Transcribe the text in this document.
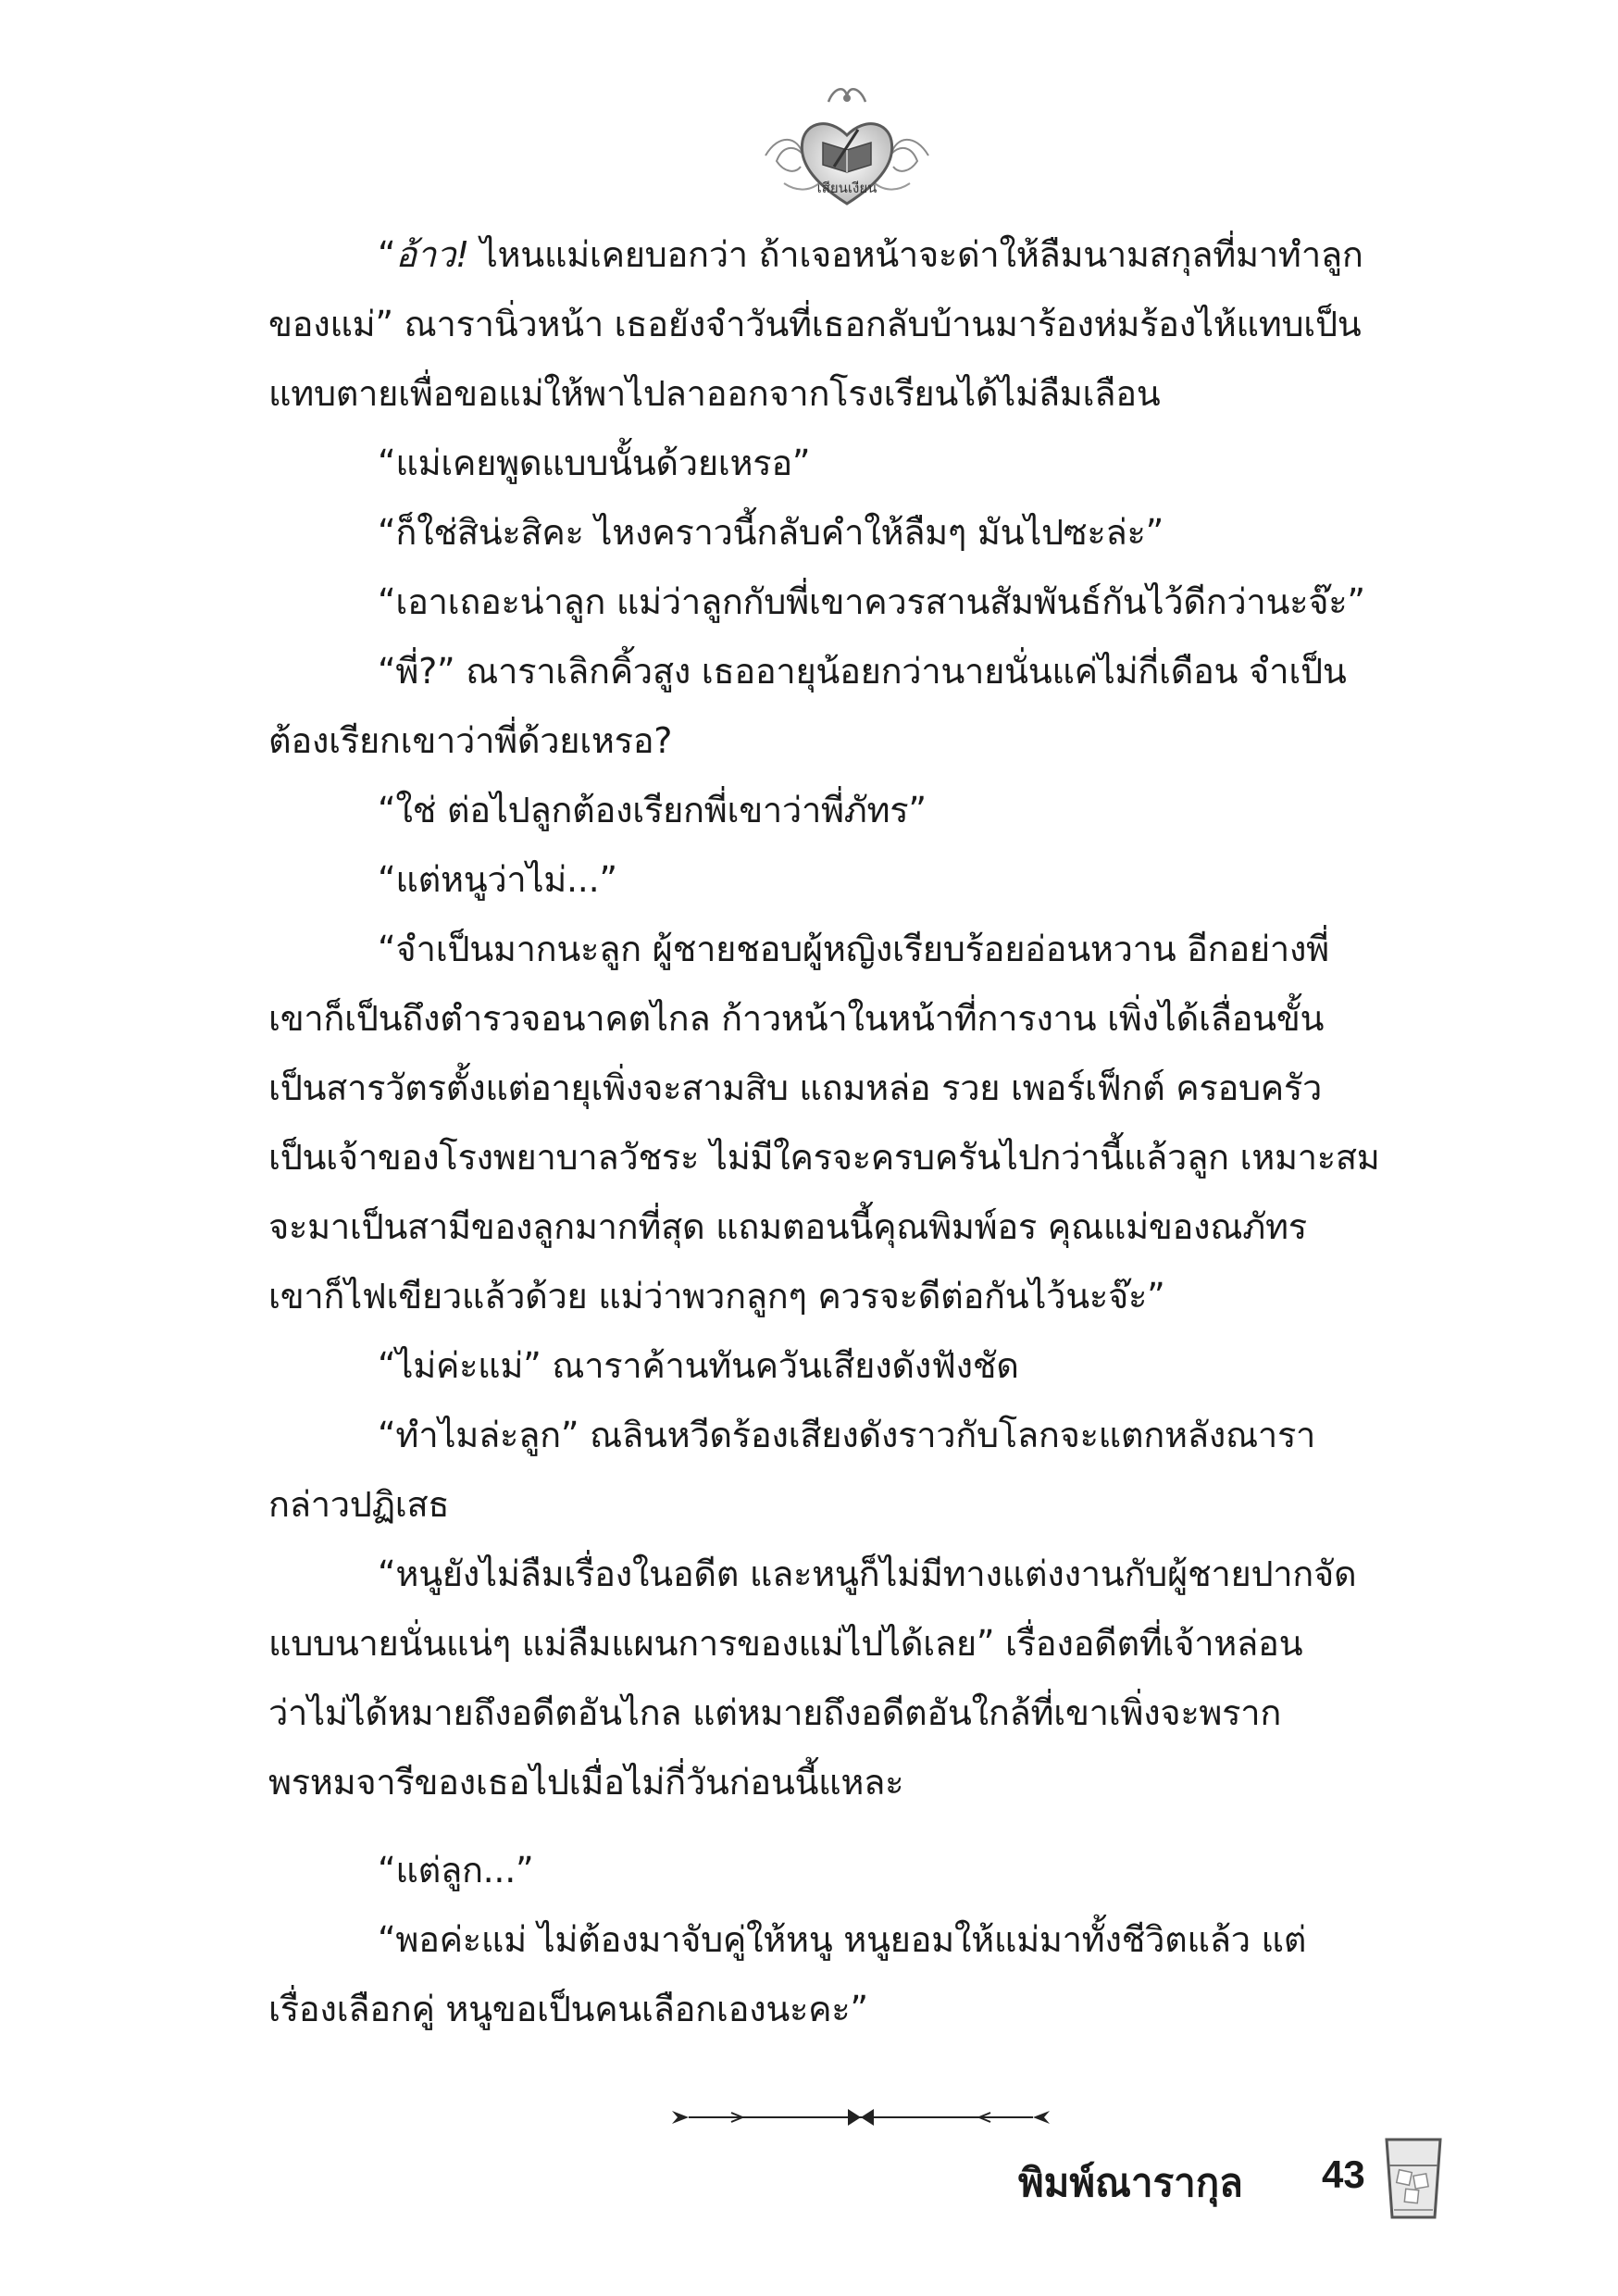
เสียนเงียน
“อ้าว! ไหนแม่เคยบอกว่า ถ้าเจอหน้าจะด่าให้ลืมนามสกุลที่มาทำลูก
ของแม่” ณารานิ่วหน้า เธอยังจำวันที่เธอกลับบ้านมาร้องห่มร้องไห้แทบเป็น
แทบตายเพื่อขอแม่ให้พาไปลาออกจากโรงเรียนได้ไม่ลืมเลือน
“แม่เคยพูดแบบนั้นด้วยเหรอ”
“ก็ใช่สิน่ะสิคะ ไหงคราวนี้กลับคำให้ลืมๆ มันไปซะล่ะ”
“เอาเถอะน่าลูก แม่ว่าลูกกับพี่เขาควรสานสัมพันธ์กันไว้ดีกว่านะจ๊ะ”
“พี่?” ณาราเลิกคิ้วสูง เธออายุน้อยกว่านายนั่นแค่ไม่กี่เดือน จำเป็น
ต้องเรียกเขาว่าพี่ด้วยเหรอ?
“ใช่ ต่อไปลูกต้องเรียกพี่เขาว่าพี่ภัทร”
“แต่หนูว่าไม่...”
“จำเป็นมากนะลูก ผู้ชายชอบผู้หญิงเรียบร้อยอ่อนหวาน อีกอย่างพี่
เขาก็เป็นถึงตำรวจอนาคตไกล ก้าวหน้าในหน้าที่การงาน เพิ่งได้เลื่อนขั้น
เป็นสารวัตรตั้งแต่อายุเพิ่งจะสามสิบ แถมหล่อ รวย เพอร์เฟ็กต์ ครอบครัว
เป็นเจ้าของโรงพยาบาลวัชระ ไม่มีใครจะครบครันไปกว่านี้แล้วลูก เหมาะสม
จะมาเป็นสามีของลูกมากที่สุด แถมตอนนี้คุณพิมพ์อร คุณแม่ของณภัทร
เขาก็ไฟเขียวแล้วด้วย แม่ว่าพวกลูกๆ ควรจะดีต่อกันไว้นะจ๊ะ”
“ไม่ค่ะแม่” ณาราค้านทันควันเสียงดังฟังชัด
“ทำไมล่ะลูก” ณลินหวีดร้องเสียงดังราวกับโลกจะแตกหลังณารา
กล่าวปฏิเสธ
“หนูยังไม่ลืมเรื่องในอดีต และหนูก็ไม่มีทางแต่งงานกับผู้ชายปากจัด
แบบนายนั่นแน่ๆ แม่ลืมแผนการของแม่ไปได้เลย” เรื่องอดีตที่เจ้าหล่อน
ว่าไม่ได้หมายถึงอดีตอันไกล แต่หมายถึงอดีตอันใกล้ที่เขาเพิ่งจะพราก
พรหมจารีของเธอไปเมื่อไม่กี่วันก่อนนี้แหละ
“แต่ลูก...”
“พอค่ะแม่ ไม่ต้องมาจับคู่ให้หนู หนูยอมให้แม่มาทั้งชีวิตแล้ว แต่
เรื่องเลือกคู่ หนูขอเป็นคนเลือกเองนะคะ”
พิมพ์ณารากุล 43
